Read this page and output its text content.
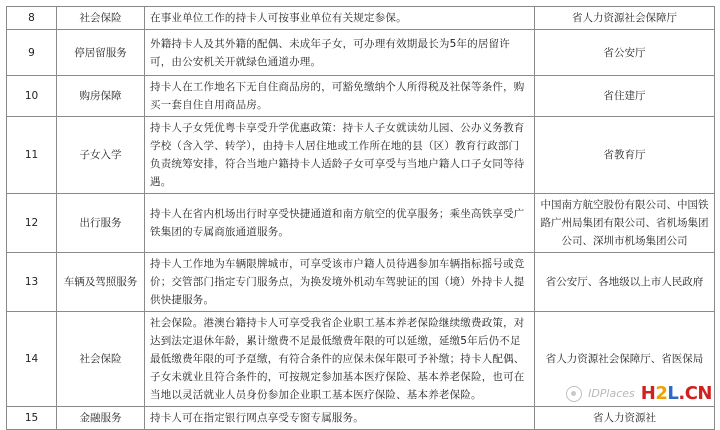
8	社会保险	在事业单位工作的持卡人可按事业单位有关规定参保。	省人力资源社会保障厅
9	停居留服务	外籍持卡人及其外籍的配偶、未成年子女，可办理有效期最长为5年的居留许可，由公安机关开就绿色通道办理。	省公安厅
10	购房保障	持卡人在工作地名下无自住商品房的，可豁免缴纳个人所得税及社保等条件，购买一套自住自用商品房。	省住建厅
11	子女入学	持卡人子女凭优粤卡享受升学优惠政策：持卡人子女就读幼儿园、公办义务教育学校（含入学、转学），由持卡人居住地或工作所在地的县（区）教育行政部门负责统筹安排，符合当地户籍持卡人适龄子女可享受与当地户籍人口子女同等待遇。	省教育厅
12	出行服务	持卡人在省内机场出行时享受快捷通道和南方航空的优享服务；乘坐高铁享受广铁集团的专属商旅通道服务。	中国南方航空股份有限公司、中国铁路广州局集团有限公司、省机场集团公司、深圳市机场集团公司
13	车辆及驾照服务	持卡人工作地为车辆限牌城市，可享受该市户籍人员待遇参加车辆指标摇号或竞价；交管部门指定专门服务点，为换发境外机动车驾驶证的国（境）外持卡人提供快捷服务。	省公安厅、各地级以上市人民政府
14	社会保险	社会保险。港澳台籍持卡人可享受我省企业职工基本养老保险继续缴费政策，对达到法定退休年龄，累计缴费不足最低缴费年限的可以延缴，延缴5年后仍不足最低缴费年限的可予趸缴，有符合条件的应保未保年限可予补缴；持卡人配偶、子女未就业且符合条件的，可按规定参加基本医疗保险、基本养老保险，也可在当地以灵活就业人员身份参加企业职工基本医疗保险、基本养老保险。	省人力资源社会保障厅、省医保局
15	金融服务	持卡人可在指定银行网点享受专窗专属服务。	省人力资源社
IDPlaces H2L.CN
